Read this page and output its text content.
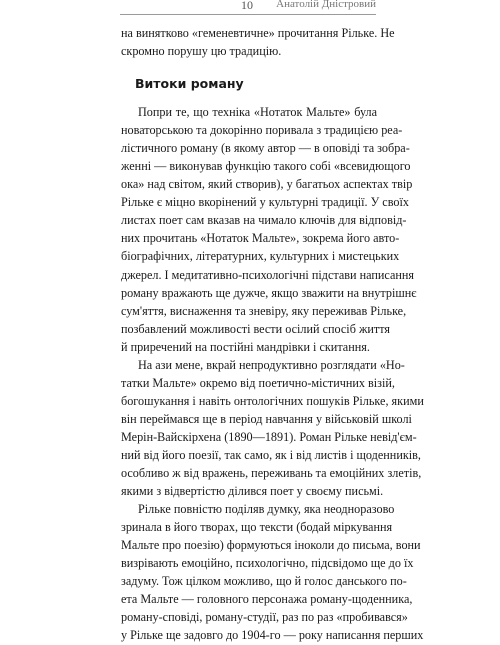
10 Анатолій Дністровий
на винятково «геменевтичне» прочитання Рільке. Не
скромно порушу цю традицію.
Витоки роману
Попри те, що техніка «Нотаток Мальте» була
новаторською та докорінно поривала з традицією реа-
лістичного роману (в якому автор — в оповіді та зобра-
женні — виконував функцію такого собі «всевидющого
ока» над світом, який створив), у багатьох аспектах твір
Рільке є міцно вкорінений у культурні традиції. У своїх
листах поет сам вказав на чимало ключів для відповід-
них прочитань «Нотаток Мальте», зокрема його авто-
біографічних, літературних, культурних і мистецьких
джерел. І медитативно-психологічні підстави написання
роману вражають ще дужче, якщо зважити на внутрішнє
сум'яття, виснаження та зневіру, яку переживав Рільке,
позбавлений можливості вести осілий спосіб життя
й приречений на постійні мандрівки і скитання.
На ази мене, вкрай непродуктивно розглядати «Но-
татки Мальте» окремо від поетично-містичних візій,
богошукання і навіть онтологічних пошуків Рільке, якими
він переймався ще в період навчання у військовій школі
Мерін-Вайскірхена (1890—1891). Роман Рільке невід'єм-
ний від його поезії, так само, як і від листів і щоденників,
особливо ж від вражень, переживань та емоційних злетів,
якими з відвертістю ділився поет у своєму письмі.
Рільке повністю поділяв думку, яка неодноразово
зринала в його творах, що тексти (бодай міркування
Мальте про поезію) формуються іноколи до письма, вони
визрівають емоційно, психологічно, підсвідомо ще до їх
задуму. Тож цілком можливо, що й голос данського по-
ета Мальте — головного персонажа роману-щоденника,
роману-сповіді, роману-студії, раз по раз «пробивався»
у Рільке ще задовго до 1904-го — року написання перших
